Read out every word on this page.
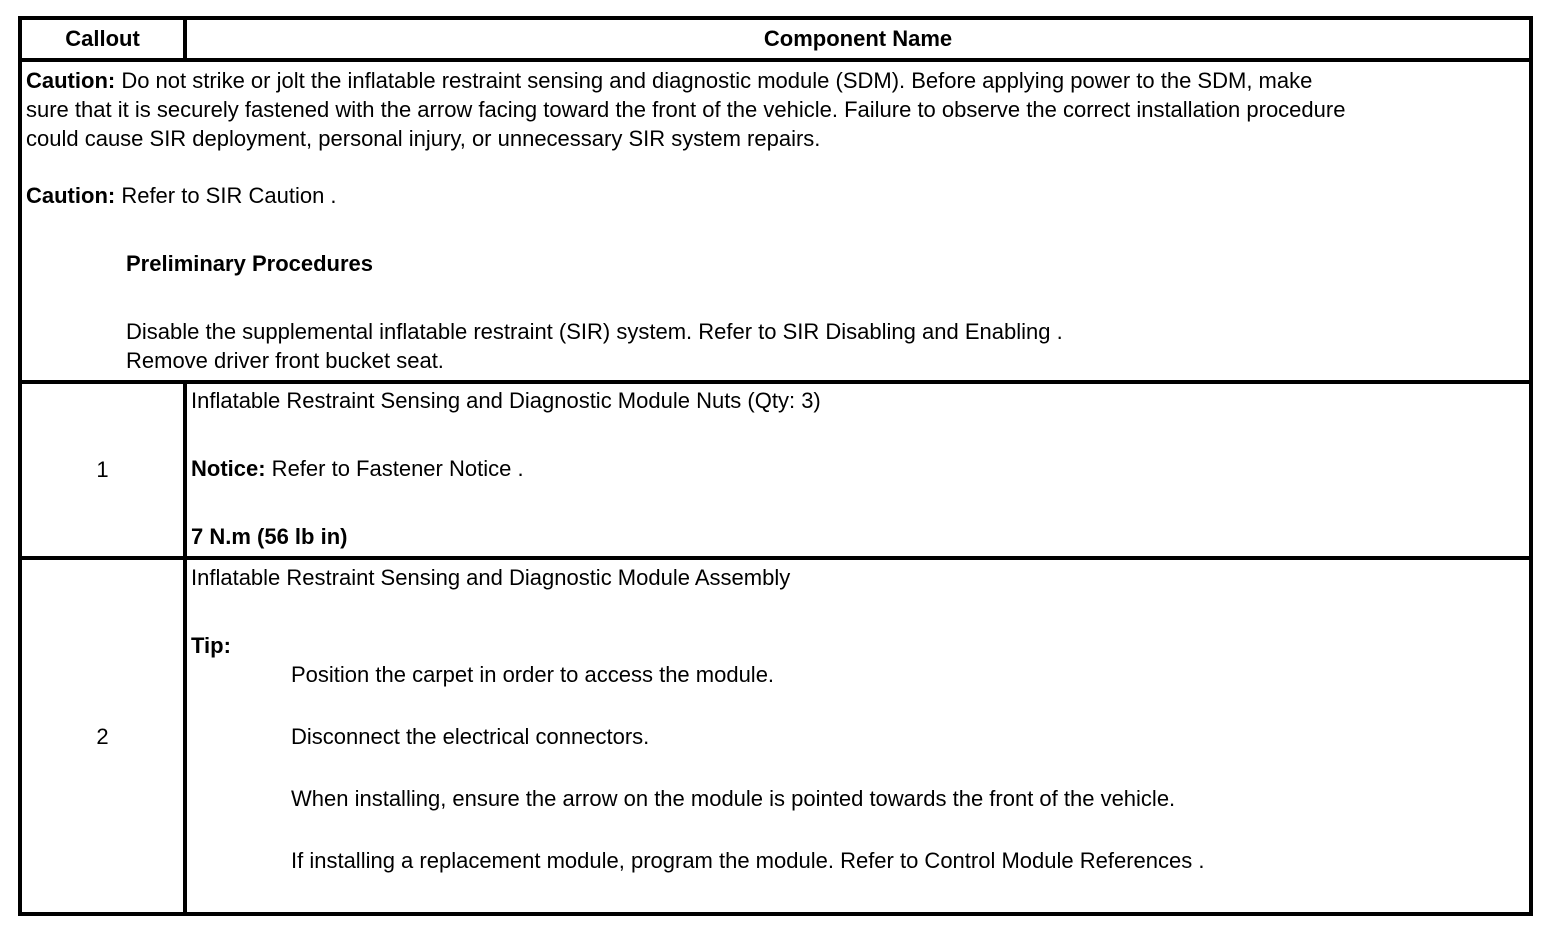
Callout	Component Name
Caution: Do not strike or jolt the inflatable restraint sensing and diagnostic module (SDM). Before applying power to the SDM, make
sure that it is securely fastened with the arrow facing toward the front of the vehicle. Failure to observe the correct installation procedure
could cause SIR deployment, personal injury, or unnecessary SIR system repairs.
Caution: Refer to SIR Caution .
Preliminary Procedures
Disable the supplemental inflatable restraint (SIR) system. Refer to SIR Disabling and Enabling .
Remove driver front bucket seat.
1
Inflatable Restraint Sensing and Diagnostic Module Nuts (Qty: 3)
Notice: Refer to Fastener Notice .
7 N.m (56 lb in)
2
Inflatable Restraint Sensing and Diagnostic Module Assembly
Tip:
Position the carpet in order to access the module.
Disconnect the electrical connectors.
When installing, ensure the arrow on the module is pointed towards the front of the vehicle.
If installing a replacement module, program the module. Refer to Control Module References .
